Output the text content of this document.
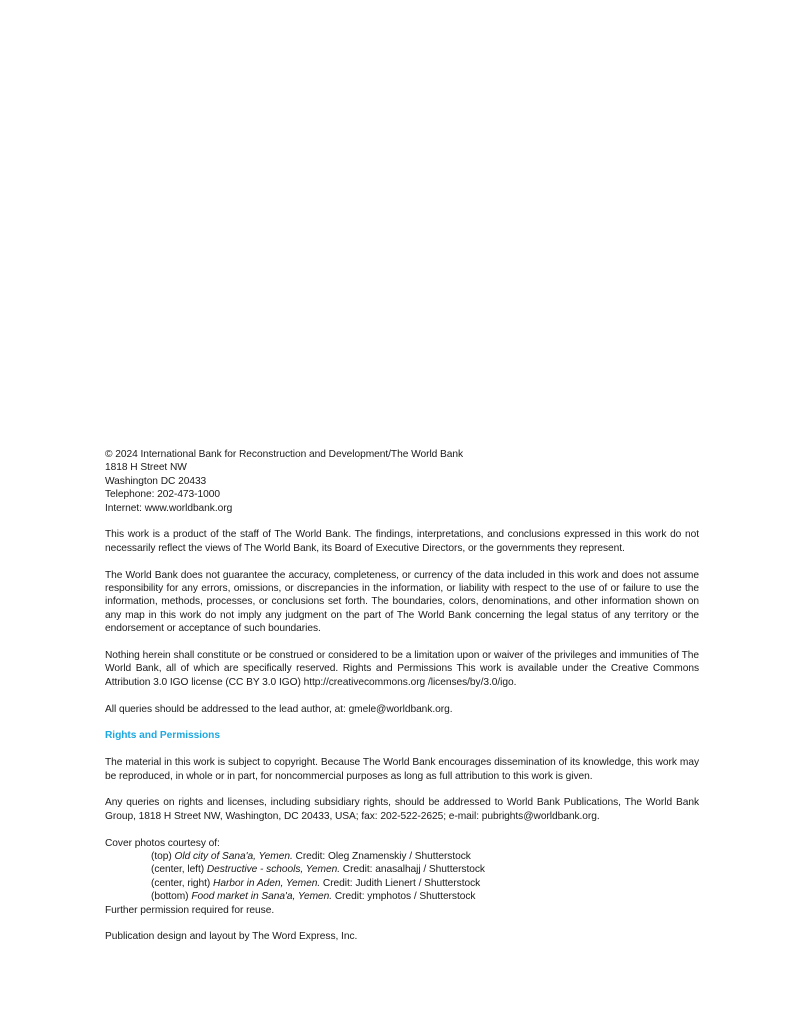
© 2024 International Bank for Reconstruction and Development/The World Bank
1818 H Street NW
Washington DC 20433
Telephone: 202-473-1000
Internet: www.worldbank.org

This work is a product of the staff of The World Bank. The findings, interpretations, and conclusions expressed in this work do not necessarily reflect the views of The World Bank, its Board of Executive Directors, or the governments they represent.

The World Bank does not guarantee the accuracy, completeness, or currency of the data included in this work and does not assume responsibility for any errors, omissions, or discrepancies in the information, or liability with respect to the use of or failure to use the information, methods, processes, or conclusions set forth. The boundaries, colors, denominations, and other information shown on any map in this work do not imply any judgment on the part of The World Bank concerning the legal status of any territory or the endorsement or acceptance of such boundaries.

Nothing herein shall constitute or be construed or considered to be a limitation upon or waiver of the privileges and immunities of The World Bank, all of which are specifically reserved. Rights and Permissions This work is available under the Creative Commons Attribution 3.0 IGO license (CC BY 3.0 IGO) http://creativecommons.org /licenses/by/3.0/igo.

All queries should be addressed to the lead author, at: gmele@worldbank.org.

Rights and Permissions

The material in this work is subject to copyright. Because The World Bank encourages dissemination of its knowledge, this work may be reproduced, in whole or in part, for noncommercial purposes as long as full attribution to this work is given.

Any queries on rights and licenses, including subsidiary rights, should be addressed to World Bank Publications, The World Bank Group, 1818 H Street NW, Washington, DC 20433, USA; fax: 202-522-2625; e-mail: pubrights@worldbank.org.

Cover photos courtesy of:
(top) Old city of Sana'a, Yemen. Credit: Oleg Znamenskiy / Shutterstock
(center, left) Destructive - schools, Yemen. Credit: anasalhajj / Shutterstock
(center, right) Harbor in Aden, Yemen. Credit: Judith Lienert / Shutterstock
(bottom) Food market in Sana'a, Yemen. Credit: ymphotos / Shutterstock
Further permission required for reuse.
Publication design and layout by The Word Express, Inc.
